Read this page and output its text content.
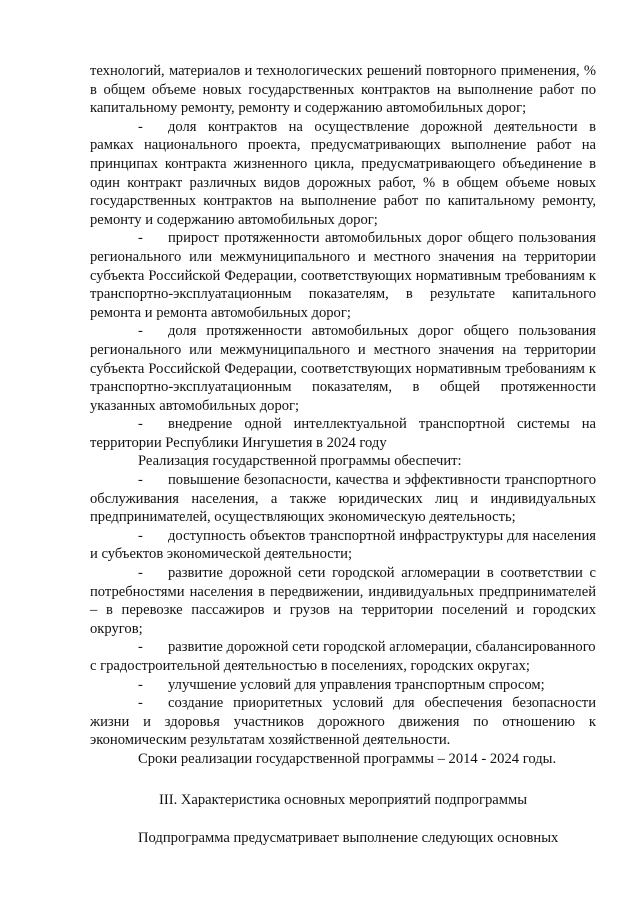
технологий, материалов и технологических решений повторного применения, % в общем объеме новых государственных контрактов на выполнение работ по капитальному ремонту, ремонту и содержанию автомобильных дорог;

- доля контрактов на осуществление дорожной деятельности в рамках национального проекта, предусматривающих выполнение работ на принципах контракта жизненного цикла, предусматривающего объединение в один контракт различных видов дорожных работ, % в общем объеме новых государственных контрактов на выполнение работ по капитальному ремонту, ремонту и содержанию автомобильных дорог;

- прирост протяженности автомобильных дорог общего пользования регионального или межмуниципального и местного значения на территории субъекта Российской Федерации, соответствующих нормативным требованиям к транспортно-эксплуатационным показателям, в результате капитального ремонта и ремонта автомобильных дорог;

- доля протяженности автомобильных дорог общего пользования регионального или межмуниципального и местного значения на территории субъекта Российской Федерации, соответствующих нормативным требованиям к транспортно-эксплуатационным показателям, в общей протяженности указанных автомобильных дорог;

- внедрение одной интеллектуальной транспортной системы на территории Республики Ингушетия в 2024 году

Реализация государственной программы обеспечит:

- повышение безопасности, качества и эффективности транспортного обслуживания населения, а также юридических лиц и индивидуальных предпринимателей, осуществляющих экономическую деятельность;

- доступность объектов транспортной инфраструктуры для населения и субъектов экономической деятельности;

- развитие дорожной сети городской агломерации в соответствии с потребностями населения в передвижении, индивидуальных предпринимателей – в перевозке пассажиров и грузов на территории поселений и городских округов;

- развитие дорожной сети городской агломерации, сбалансированного

с градостроительной деятельностью в поселениях, городских округах;

- улучшение условий для управления транспортным спросом;

- создание приоритетных условий для обеспечения безопасности жизни и здоровья участников дорожного движения по отношению к экономическим результатам хозяйственной деятельности.

Сроки реализации государственной программы – 2014 - 2024 годы.

III. Характеристика основных мероприятий подпрограммы

Подпрограмма предусматривает выполнение следующих основных
